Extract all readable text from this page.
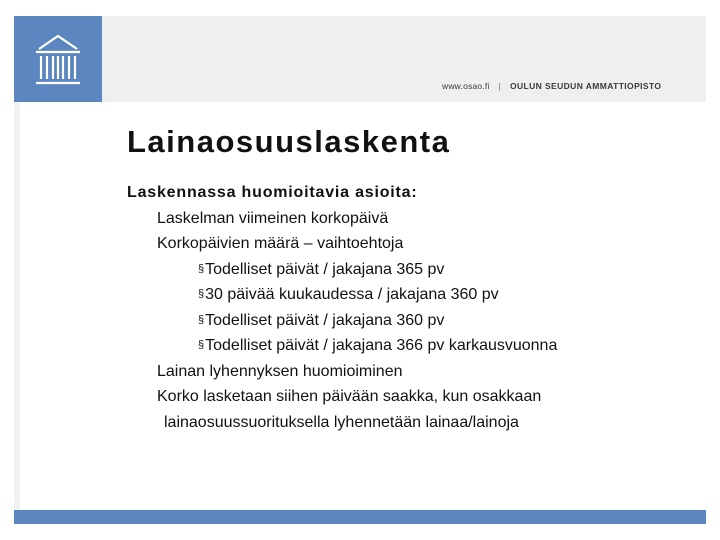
www.osao.fi | OULUN SEUDUN AMMATTIOPISTO
Lainaosuuslaskenta
Laskennassa huomioitavia asioita:
Laskelman viimeinen korkopäivä
Korkopäivien määrä – vaihtoehtoja
§Todelliset päivät / jakajana 365 pv
§30 päivää kuukaudessa / jakajana 360 pv
§Todelliset päivät / jakajana 360 pv
§Todelliset päivät / jakajana 366 pv karkausvuonna
Lainan lyhennyksen huomioiminen
Korko lasketaan siihen päivään saakka, kun osakkaan
lainaosuussuorituksella lyhennetään lainaa/lainoja
